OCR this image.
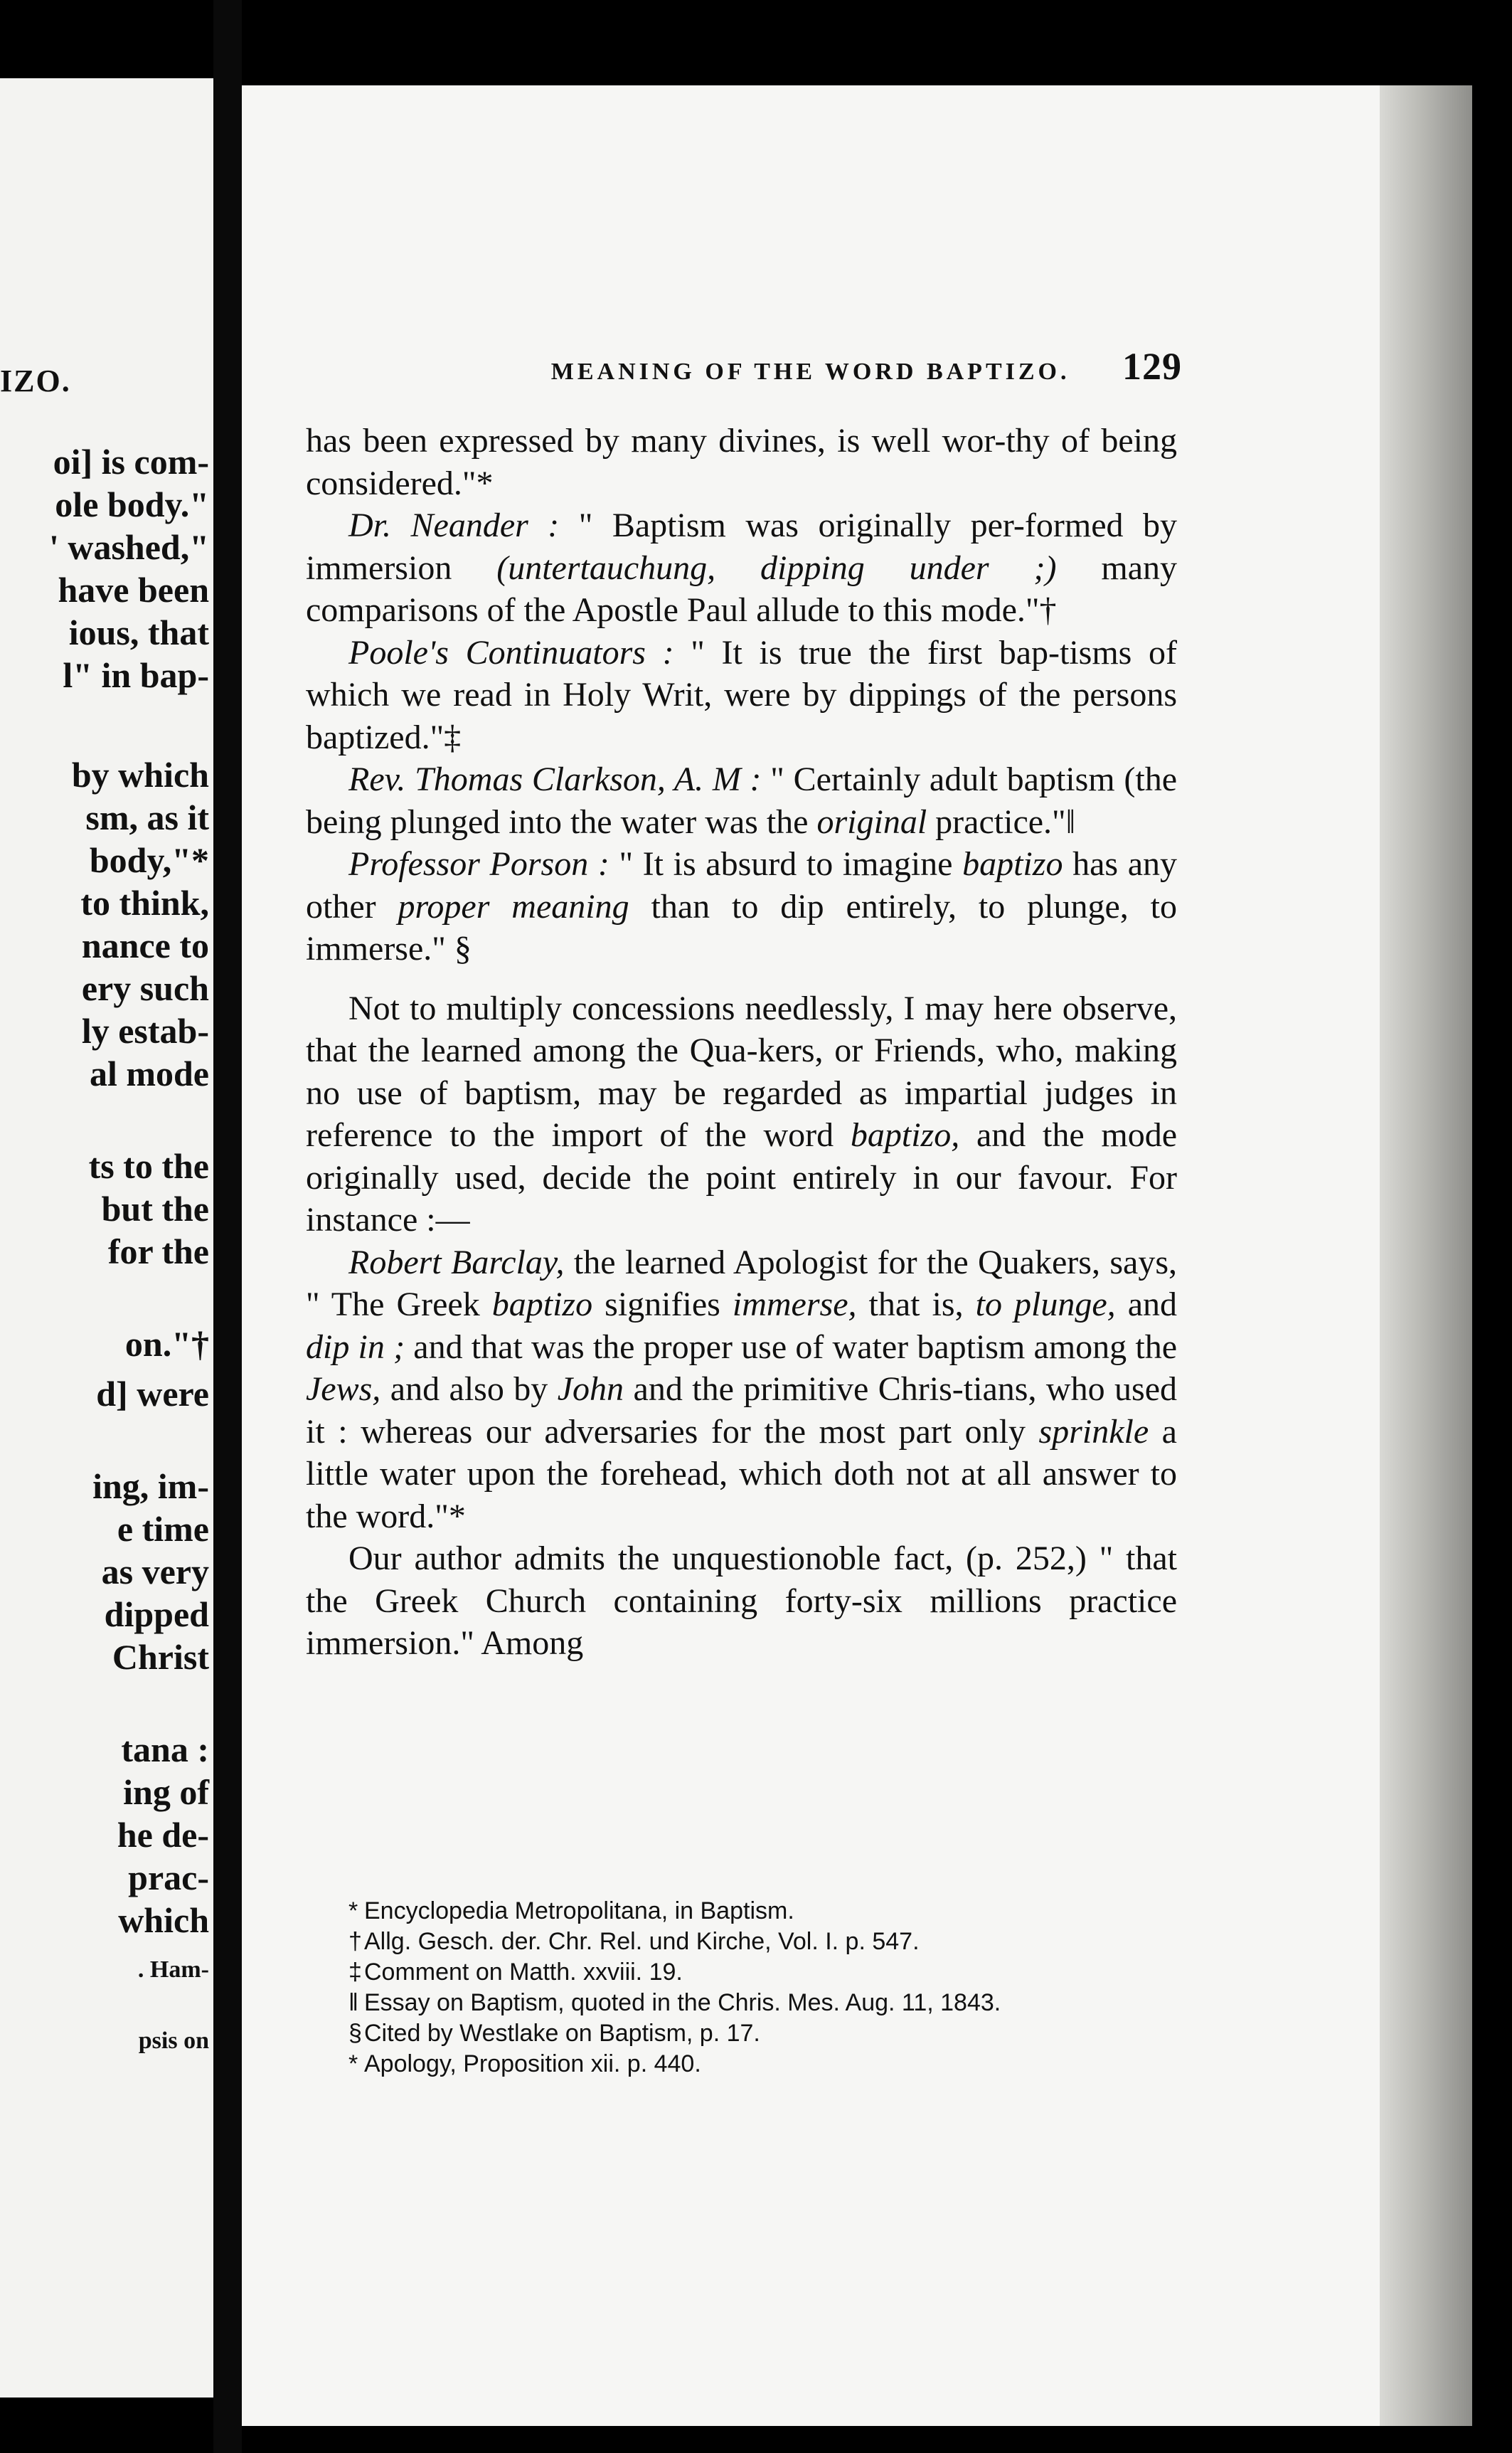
IZO.
oi] is com-
ole body."
' washed,"
have been
ious, that
l" in bap-
by which
sm, as it
body,"*
to think,
nance to
ery such
ly estab-
al mode
ts to the
but the
for the
on."†
d] were
ing, im-
e time
as very
dipped
Christ
tana :
ing of
he de-
prac-
which
. Ham-
psis on
MEANING OF THE WORD BAPTIZO. 129

has been expressed by many divines, is well wor-thy of being considered."*

Dr. Neander : " Baptism was originally per-formed by immersion (untertauchung, dipping under ;) many comparisons of the Apostle Paul allude to this mode."†

Poole's Continuators : " It is true the first bap-tisms of which we read in Holy Writ, were by dippings of the persons baptized."‡

Rev. Thomas Clarkson, A. M : " Certainly adult baptism (the being plunged into the water was the original practice."‖

Professor Porson : " It is absurd to imagine baptizo has any other proper meaning than to dip entirely, to plunge, to immerse." §

Not to multiply concessions needlessly, I may here observe, that the learned among the Qua-kers, or Friends, who, making no use of baptism, may be regarded as impartial judges in reference to the import of the word baptizo, and the mode originally used, decide the point entirely in our favour. For instance :—

Robert Barclay, the learned Apologist for the Quakers, says, " The Greek baptizo signifies immerse, that is, to plunge, and dip in ; and that was the proper use of water baptism among the Jews, and also by John and the primitive Chris-tians, who used it : whereas our adversaries for the most part only sprinkle a little water upon the forehead, which doth not at all answer to the word."*

Our author admits the unquestionoble fact, (p. 252,) " that the Greek Church containing forty-six millions practice immersion." Among

* Encyclopedia Metropolitana, in Baptism.
†Allg. Gesch. der. Chr. Rel. und Kirche, Vol. I. p. 547.
‡Comment on Matth. xxviii. 19.
‖ Essay on Baptism, quoted in the Chris. Mes. Aug. 11, 1843.
§Cited by Westlake on Baptism, p. 17.
* Apology, Proposition xii. p. 440.
